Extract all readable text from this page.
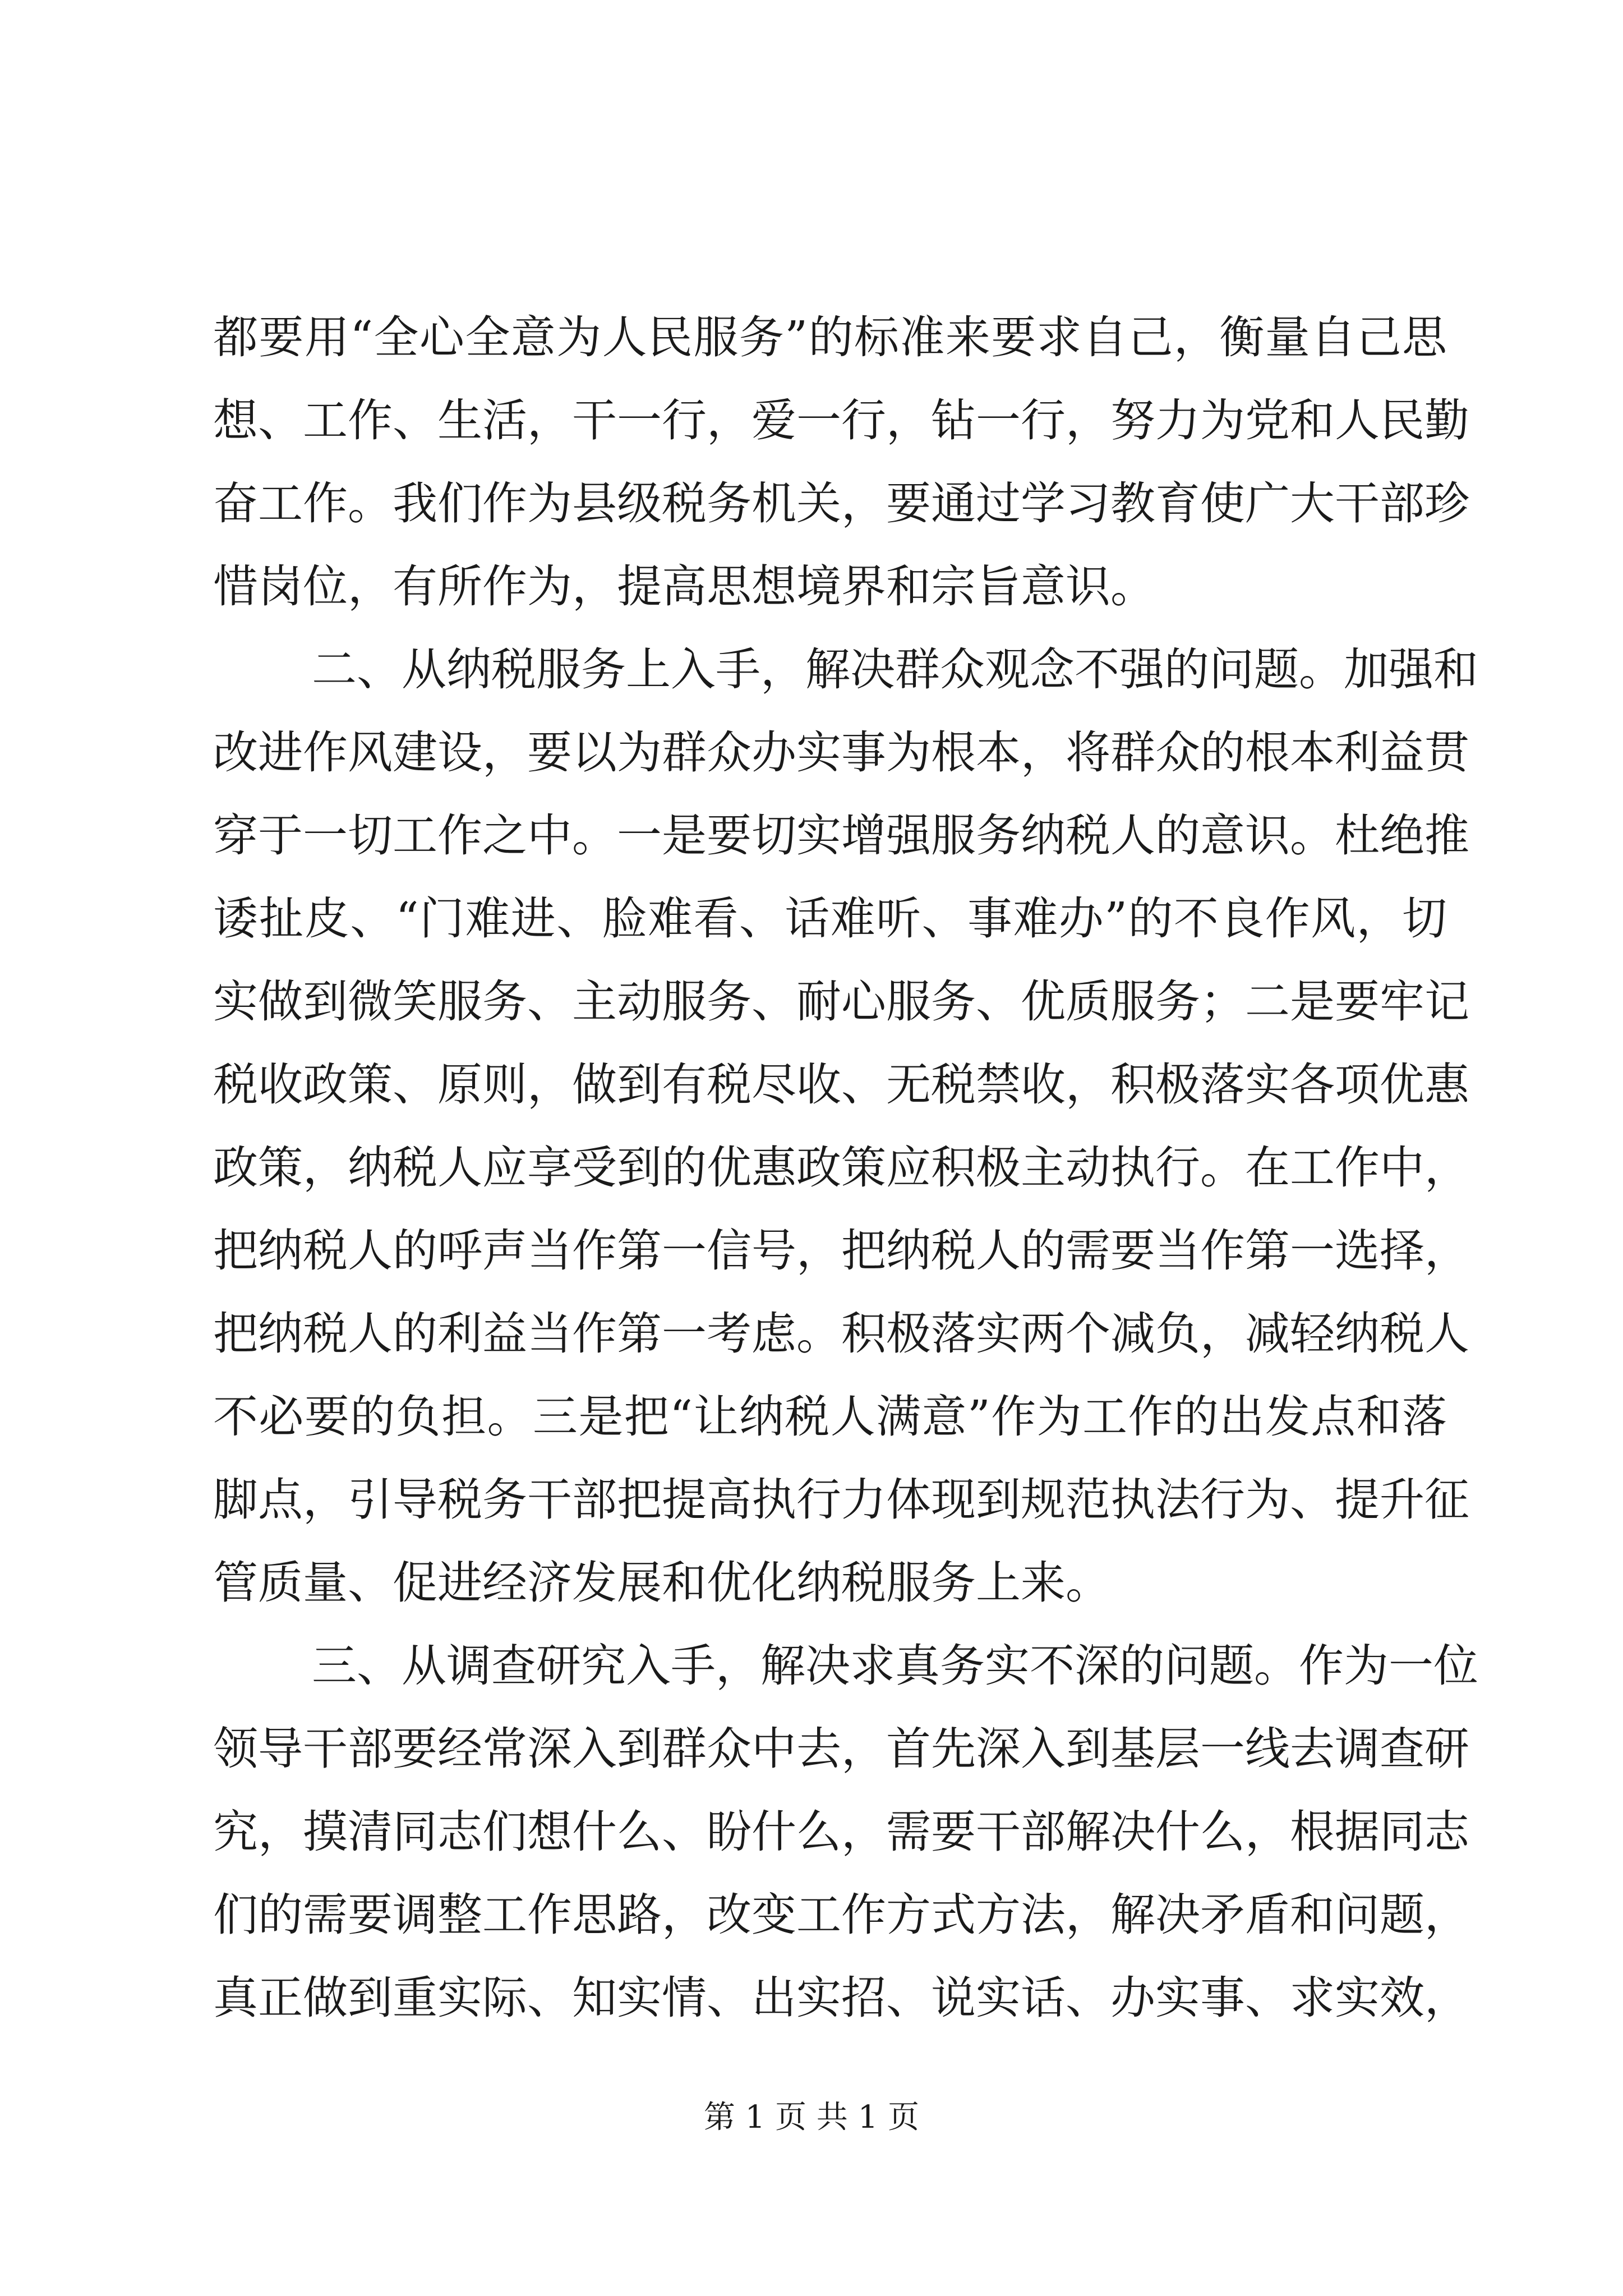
都要用“全心全意为人民服务”的标准来要求自己，衡量自己思
想、工作、生活，干一行，爱一行，钻一行，努力为党和人民勤
奋工作。我们作为县级税务机关，要通过学习教育使广大干部珍
惜岗位，有所作为，提高思想境界和宗旨意识。
二、从纳税服务上入手，解决群众观念不强的问题。加强和
改进作风建设，要以为群众办实事为根本，将群众的根本利益贯
穿于一切工作之中。一是要切实增强服务纳税人的意识。杜绝推
诿扯皮、“门难进、脸难看、话难听、事难办”的不良作风，切
实做到微笑服务、主动服务、耐心服务、优质服务；二是要牢记
税收政策、原则，做到有税尽收、无税禁收，积极落实各项优惠
政策，纳税人应享受到的优惠政策应积极主动执行。在工作中，
把纳税人的呼声当作第一信号，把纳税人的需要当作第一选择，
把纳税人的利益当作第一考虑。积极落实两个减负，减轻纳税人
不必要的负担。三是把“让纳税人满意”作为工作的出发点和落
脚点，引导税务干部把提高执行力体现到规范执法行为、提升征
管质量、促进经济发展和优化纳税服务上来。
三、从调查研究入手，解决求真务实不深的问题。作为一位
领导干部要经常深入到群众中去，首先深入到基层一线去调查研
究，摸清同志们想什么、盼什么，需要干部解决什么，根据同志
们的需要调整工作思路，改变工作方式方法，解决矛盾和问题，
真正做到重实际、知实情、出实招、说实话、办实事、求实效，
第 1 页 共 1 页
